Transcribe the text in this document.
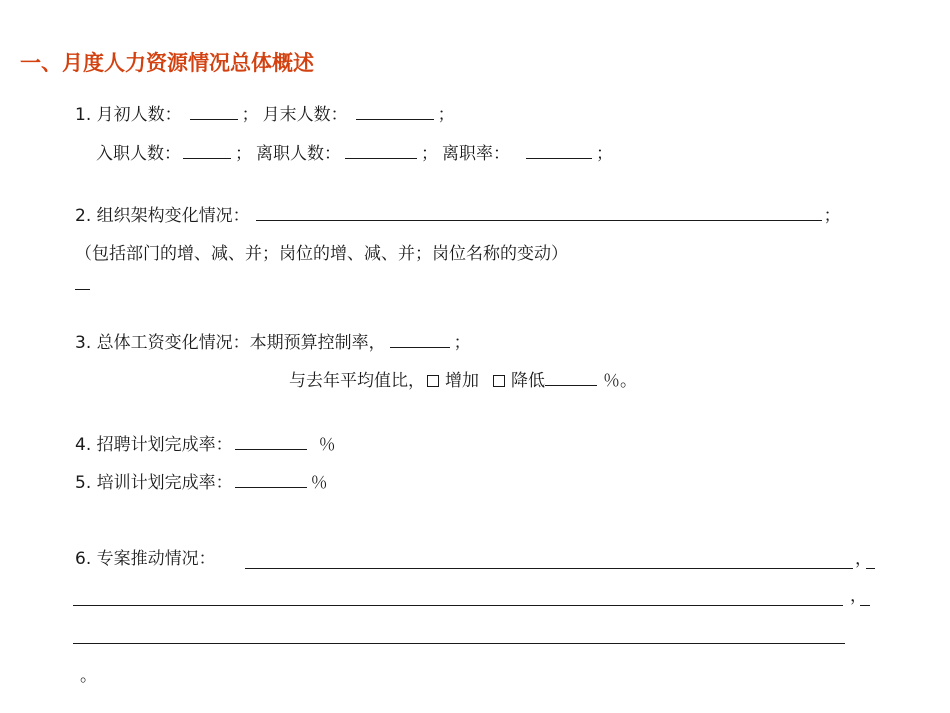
一、月度人力资源情况总体概述
1. 月初人数：	； 月末人数：	；
入职人数：	； 离职人数：	； 离职率：	；
2. 组织架构变化情况：	；
（包括部门的增、减、并；岗位的增、减、并；岗位名称的变动）
3. 总体工资变化情况：本期预算控制率，	；
与去年平均值比， 增加 降低	％。
4. 招聘计划完成率：	％
5. 培训计划完成率：	％
6. 专案推动情况：	，
，
。
